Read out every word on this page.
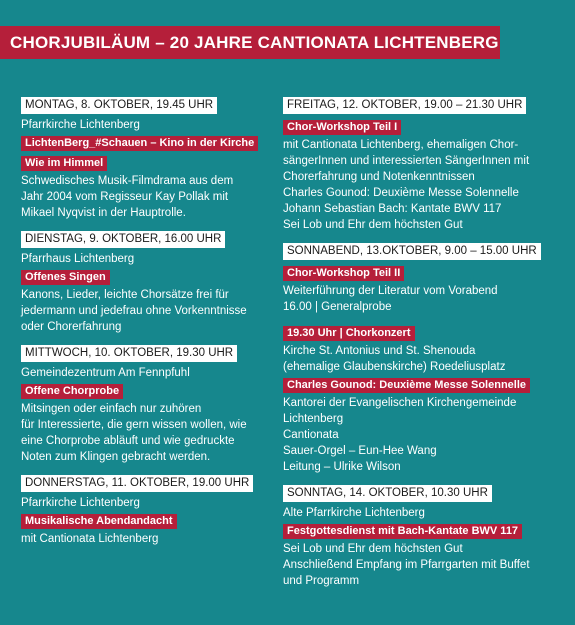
CHORJUBILÄUM – 20 JAHRE CANTIONATA LICHTENBERG
MONTAG, 8. OKTOBER, 19.45 UHR
Pfarrkirche Lichtenberg
LichtenBerg_#Schauen – Kino in der Kirche
Wie im Himmel
Schwedisches Musik-Filmdrama aus dem
Jahr 2004 vom Regisseur Kay Pollak mit
Mikael Nyqvist in der Hauptrolle.
DIENSTAG, 9. OKTOBER, 16.00 UHR
Pfarrhaus Lichtenberg
Offenes Singen
Kanons, Lieder, leichte Chorsätze frei für
jedermann und jedefrau ohne Vorkenntnisse
oder Chorerfahrung
MITTWOCH, 10. OKTOBER, 19.30 UHR
Gemeindezentrum Am Fennpfuhl
Offene Chorprobe
Mitsingen oder einfach nur zuhören
für Interessierte, die gern wissen wollen, wie
eine Chorprobe abläuft und wie gedruckte
Noten zum Klingen gebracht werden.
DONNERSTAG, 11. OKTOBER, 19.00 UHR
Pfarrkirche Lichtenberg
Musikalische Abendandacht
mit Cantionata Lichtenberg
FREITAG, 12. OKTOBER, 19.00 – 21.30 UHR
Chor-Workshop Teil I
mit Cantionata Lichtenberg, ehemaligen Chor-
sängerInnen und interessierten SängerInnen mit
Chorerfahrung und Notenkenntnissen
Charles Gounod: Deuxième Messe Solennelle
Johann Sebastian Bach: Kantate BWV 117
Sei Lob und Ehr dem höchsten Gut
SONNABEND, 13.OKTOBER, 9.00 – 15.00 UHR
Chor-Workshop Teil II
Weiterführung der Literatur vom Vorabend
16.00 | Generalprobe
19.30 Uhr | Chorkonzert
Kirche St. Antonius und St. Shenouda
(ehemalige Glaubenskirche) Roedeliusplatz
Charles Gounod: Deuxième Messe Solennelle
Kantorei der Evangelischen Kirchengemeinde
Lichtenberg
Cantionata
Sauer-Orgel – Eun-Hee Wang
Leitung – Ulrike Wilson
SONNTAG, 14. OKTOBER, 10.30 UHR
Alte Pfarrkirche Lichtenberg
Festgottesdienst mit Bach-Kantate BWV 117
Sei Lob und Ehr dem höchsten Gut
Anschließend Empfang im Pfarrgarten mit Buffet
und Programm
